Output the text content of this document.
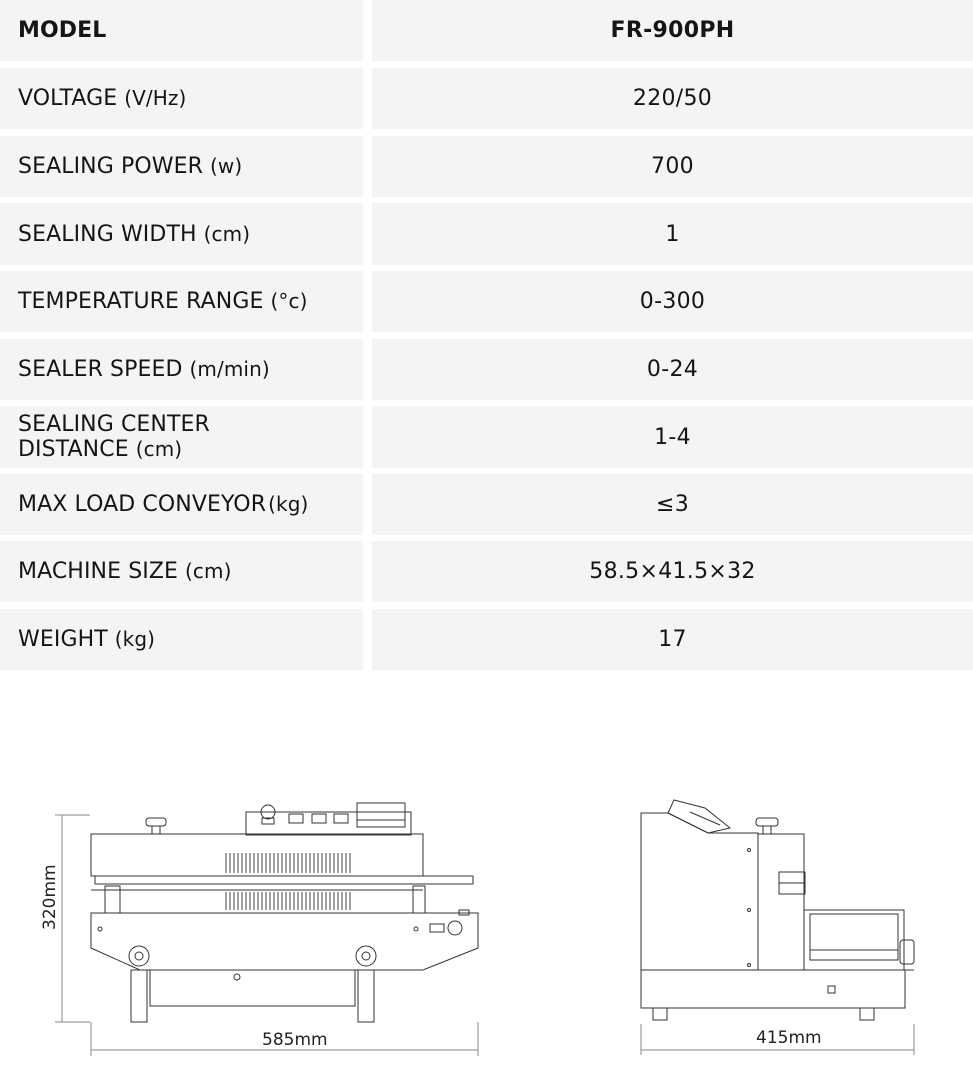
MODEL	FR-900PH
VOLTAGE (V/Hz)	220/50
SEALING POWER (w)	700
SEALING WIDTH (cm)	1
TEMPERATURE RANGE (°c)	0-300
SEALER SPEED (m/min)	0-24
SEALING CENTER
DISTANCE (cm)	1-4
MAX LOAD CONVEYOR (kg)	≤3
MACHINE SIZE (cm)	58.5×41.5×32
WEIGHT (kg)	17
320mm
585mm	415mm
